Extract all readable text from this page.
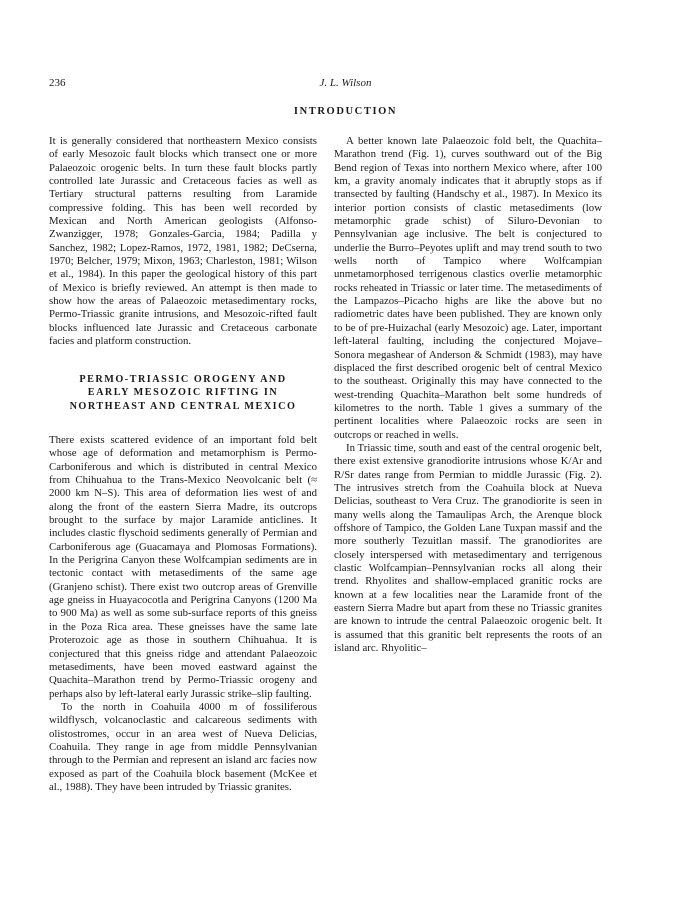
236	J. L. Wilson
INTRODUCTION

It is generally considered that northeastern Mexico consists of early Mesozoic fault blocks which transect one or more Palaeozoic orogenic belts. In turn these fault blocks partly controlled late Jurassic and Cretaceous facies as well as Tertiary structural patterns resulting from Laramide compressive folding. This has been well recorded by Mexican and North American geologists (Alfonso-Zwanzigger, 1978; Gonzales-Garcia, 1984; Padilla y Sanchez, 1982; Lopez-Ramos, 1972, 1981, 1982; DeCserna, 1970; Belcher, 1979; Mixon, 1963; Charleston, 1981; Wilson et al., 1984). In this paper the geological history of this part of Mexico is briefly reviewed. An attempt is then made to show how the areas of Palaeozoic metasedimentary rocks, Permo-Triassic granite intrusions, and Mesozoic-rifted fault blocks influenced late Jurassic and Cretaceous carbonate facies and platform construction.

PERMO-TRIASSIC OROGENY AND
EARLY MESOZOIC RIFTING IN
NORTHEAST AND CENTRAL MEXICO

There exists scattered evidence of an important fold belt whose age of deformation and metamorphism is Permo-Carboniferous and which is distributed in central Mexico from Chihuahua to the Trans-Mexico Neovolcanic belt (≈ 2000 km N–S). This area of deformation lies west of and along the front of the eastern Sierra Madre, its outcrops brought to the surface by major Laramide anticlines. It includes clastic flyschoid sediments generally of Permian and Carboniferous age (Guacamaya and Plomosas Formations). In the Perigrina Canyon these Wolfcampian sediments are in tectonic contact with metasediments of the same age (Granjeno schist). There exist two outcrop areas of Grenville age gneiss in Huayacocotla and Perigrina Canyons (1200 Ma to 900 Ma) as well as some sub-surface reports of this gneiss in the Poza Rica area. These gneisses have the same late Proterozoic age as those in southern Chihuahua. It is conjectured that this gneiss ridge and attendant Palaeozoic metasediments, have been moved eastward against the Quachita–Marathon trend by Permo-Triassic orogeny and perhaps also by left-lateral early Jurassic strike–slip faulting.

To the north in Coahuila 4000 m of fossiliferous wildflysch, volcanoclastic and calcareous sediments with olistostromes, occur in an area west of Nueva Delicias, Coahuila. They range in age from middle Pennsylvanian through to the Permian and represent an island arc facies now exposed as part of the Coahuila block basement (McKee et al., 1988). They have been intruded by Triassic granites.

A better known late Palaeozoic fold belt, the Quachita–Marathon trend (Fig. 1), curves southward out of the Big Bend region of Texas into northern Mexico where, after 100 km, a gravity anomaly indicates that it abruptly stops as if transected by faulting (Handschy et al., 1987). In Mexico its interior portion consists of clastic metasediments (low metamorphic grade schist) of Siluro-Devonian to Pennsylvanian age inclusive. The belt is conjectured to underlie the Burro–Peyotes uplift and may trend south to two wells north of Tampico where Wolfcampian unmetamorphosed terrigenous clastics overlie metamorphic rocks reheated in Triassic or later time. The metasediments of the Lampazos–Picacho highs are like the above but no radiometric dates have been published. They are known only to be of pre-Huizachal (early Mesozoic) age. Later, important left-lateral faulting, including the conjectured Mojave–Sonora megashear of Anderson & Schmidt (1983), may have displaced the first described orogenic belt of central Mexico to the southeast. Originally this may have connected to the west-trending Quachita–Marathon belt some hundreds of kilometres to the north. Table 1 gives a summary of the pertinent localities where Palaeozoic rocks are seen in outcrops or reached in wells.

In Triassic time, south and east of the central orogenic belt, there exist extensive granodiorite intrusions whose K/Ar and R/Sr dates range from Permian to middle Jurassic (Fig. 2). The intrusives stretch from the Coahuila block at Nueva Delicias, southeast to Vera Cruz. The granodiorite is seen in many wells along the Tamaulipas Arch, the Arenque block offshore of Tampico, the Golden Lane Tuxpan massif and the more southerly Tezuitlan massif. The granodiorites are closely interspersed with metasedimentary and terrigenous clastic Wolfcampian–Pennsylvanian rocks all along their trend. Rhyolites and shallow-emplaced granitic rocks are known at a few localities near the Laramide front of the eastern Sierra Madre but apart from these no Triassic granites are known to intrude the central Palaeozoic orogenic belt. It is assumed that this granitic belt represents the roots of an island arc. Rhyolitic–
